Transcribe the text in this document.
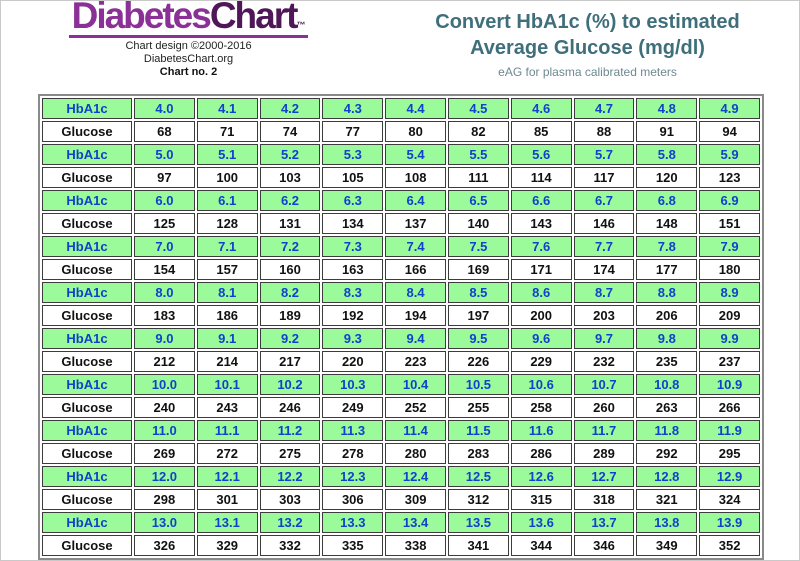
DiabetesChart™
Chart design ©2000-2016
DiabetesChart.org
Chart no. 2
Convert HbA1c (%) to estimated
Average Glucose (mg/dl)
eAG for plasma calibrated meters
HbA1c	4.0	4.1	4.2	4.3	4.4	4.5	4.6	4.7	4.8	4.9
Glucose	68	71	74	77	80	82	85	88	91	94
HbA1c	5.0	5.1	5.2	5.3	5.4	5.5	5.6	5.7	5.8	5.9
Glucose	97	100	103	105	108	111	114	117	120	123
HbA1c	6.0	6.1	6.2	6.3	6.4	6.5	6.6	6.7	6.8	6.9
Glucose	125	128	131	134	137	140	143	146	148	151
HbA1c	7.0	7.1	7.2	7.3	7.4	7.5	7.6	7.7	7.8	7.9
Glucose	154	157	160	163	166	169	171	174	177	180
HbA1c	8.0	8.1	8.2	8.3	8.4	8.5	8.6	8.7	8.8	8.9
Glucose	183	186	189	192	194	197	200	203	206	209
HbA1c	9.0	9.1	9.2	9.3	9.4	9.5	9.6	9.7	9.8	9.9
Glucose	212	214	217	220	223	226	229	232	235	237
HbA1c	10.0	10.1	10.2	10.3	10.4	10.5	10.6	10.7	10.8	10.9
Glucose	240	243	246	249	252	255	258	260	263	266
HbA1c	11.0	11.1	11.2	11.3	11.4	11.5	11.6	11.7	11.8	11.9
Glucose	269	272	275	278	280	283	286	289	292	295
HbA1c	12.0	12.1	12.2	12.3	12.4	12.5	12.6	12.7	12.8	12.9
Glucose	298	301	303	306	309	312	315	318	321	324
HbA1c	13.0	13.1	13.2	13.3	13.4	13.5	13.6	13.7	13.8	13.9
Glucose	326	329	332	335	338	341	344	346	349	352
